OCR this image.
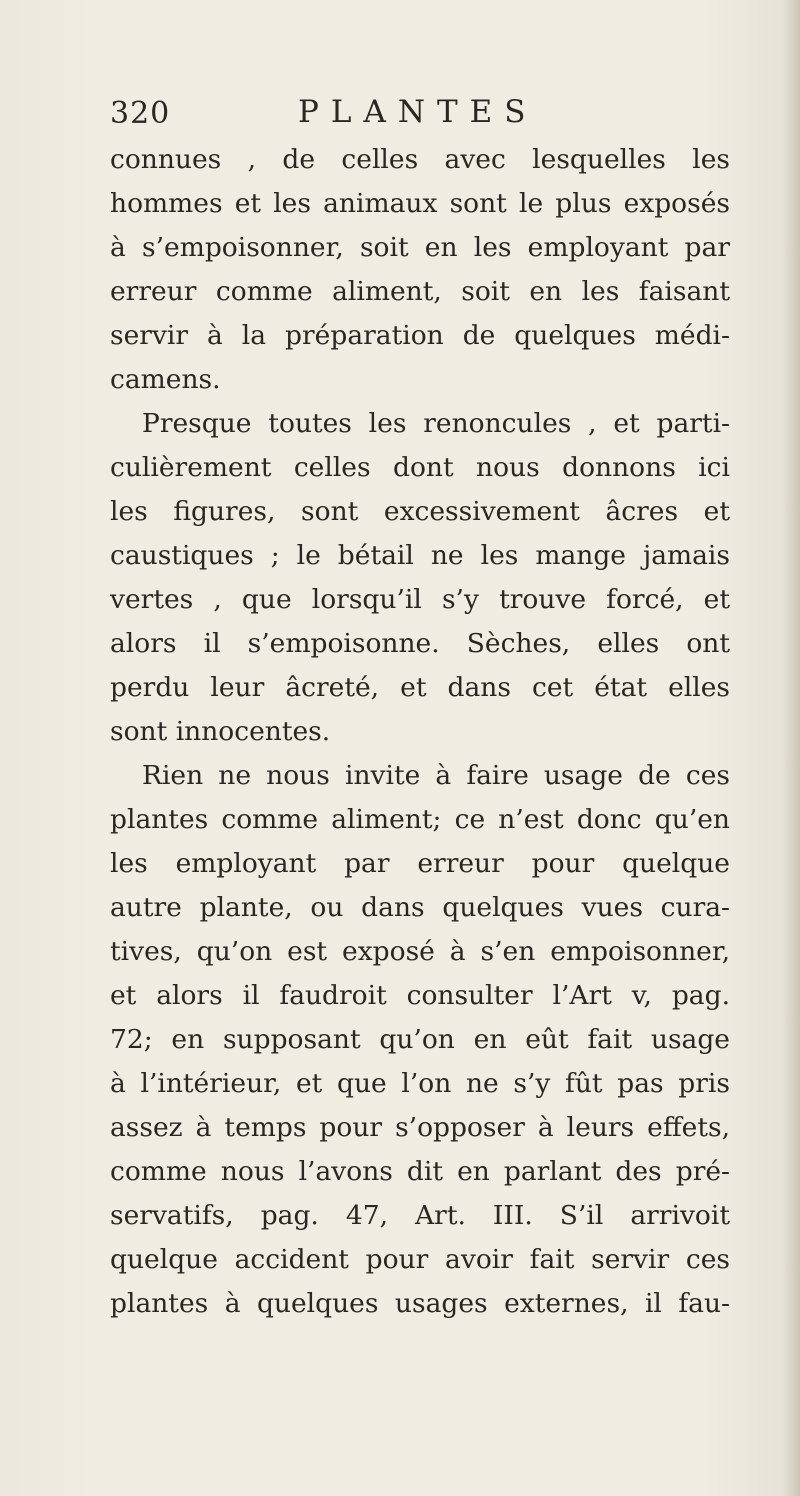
320	PLANTES
connues , de celles avec lesquelles les
hommes et les animaux sont le plus exposés
à s’empoisonner, soit en les employant par
erreur comme aliment, soit en les faisant
servir à la préparation de quelques médi-
camens.
Presque toutes les renoncules , et parti-
culièrement celles dont nous donnons ici
les figures, sont excessivement âcres et
caustiques ; le bétail ne les mange jamais
vertes , que lorsqu’il s’y trouve forcé, et
alors il s’empoisonne. Sèches, elles ont
perdu leur âcreté, et dans cet état elles
sont innocentes.
Rien ne nous invite à faire usage de ces
plantes comme aliment; ce n’est donc qu’en
les employant par erreur pour quelque
autre plante, ou dans quelques vues cura-
tives, qu’on est exposé à s’en empoisonner,
et alors il faudroit consulter l’Art v, pag.
72; en supposant qu’on en eût fait usage
à l’intérieur, et que l’on ne s’y fût pas pris
assez à temps pour s’opposer à leurs effets,
comme nous l’avons dit en parlant des pré-
servatifs, pag. 47, Art. III. S’il arrivoit
quelque accident pour avoir fait servir ces
plantes à quelques usages externes, il fau-
